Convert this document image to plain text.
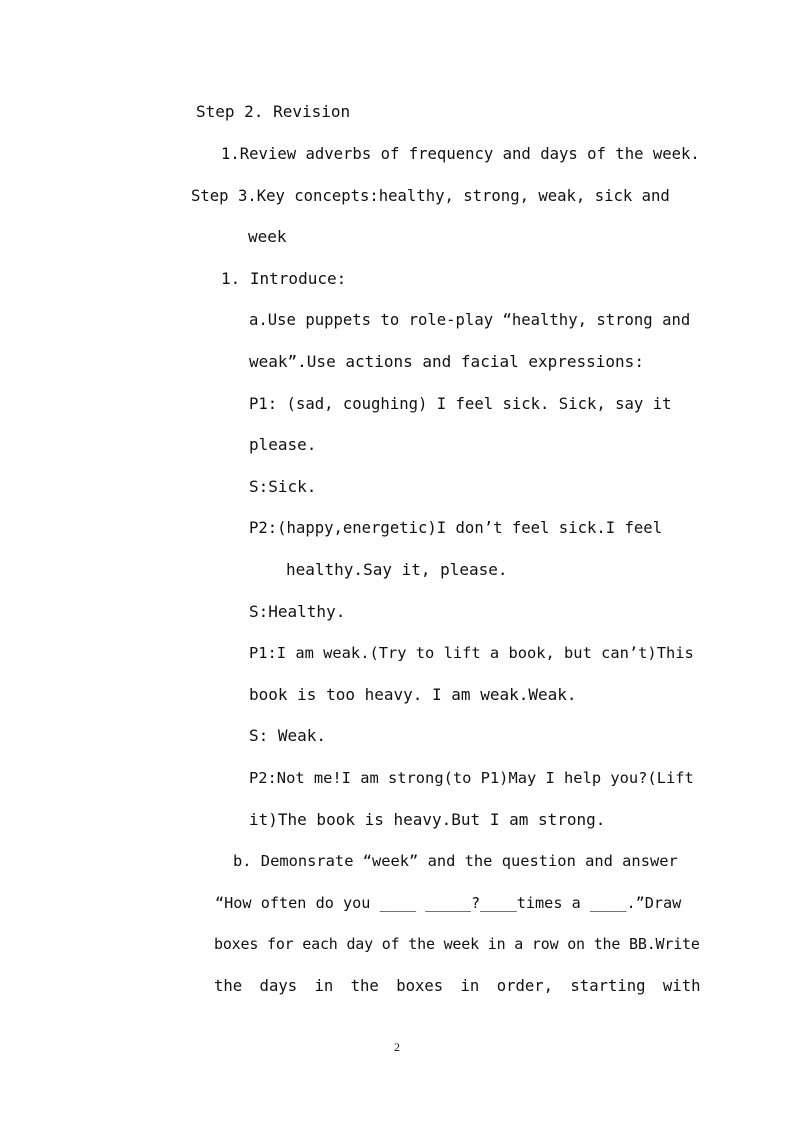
Step 2. Revision
1.Review adverbs of frequency and days of the week.
Step 3.Key concepts:healthy, strong, weak, sick and
week
1. Introduce:
a.Use puppets to role-play “healthy, strong and
weak”.Use actions and facial expressions:
P1: (sad, coughing) I feel sick. Sick, say it
please.
S:Sick.
P2:(happy,energetic)I don’t feel sick.I feel
healthy.Say it, please.
S:Healthy.
P1:I am weak.(Try to lift a book, but can’t)This
book is too heavy. I am weak.Weak.
S: Weak.
P2:Not me!I am strong(to P1)May I help you?(Lift
it)The book is heavy.But I am strong.
b. Demonsrate “week” and the question and answer
“How often do you ____ _____?____times a ____.”Draw
boxes for each day of the week in a row on the BB.Write
the days in the boxes in order, starting with
2
